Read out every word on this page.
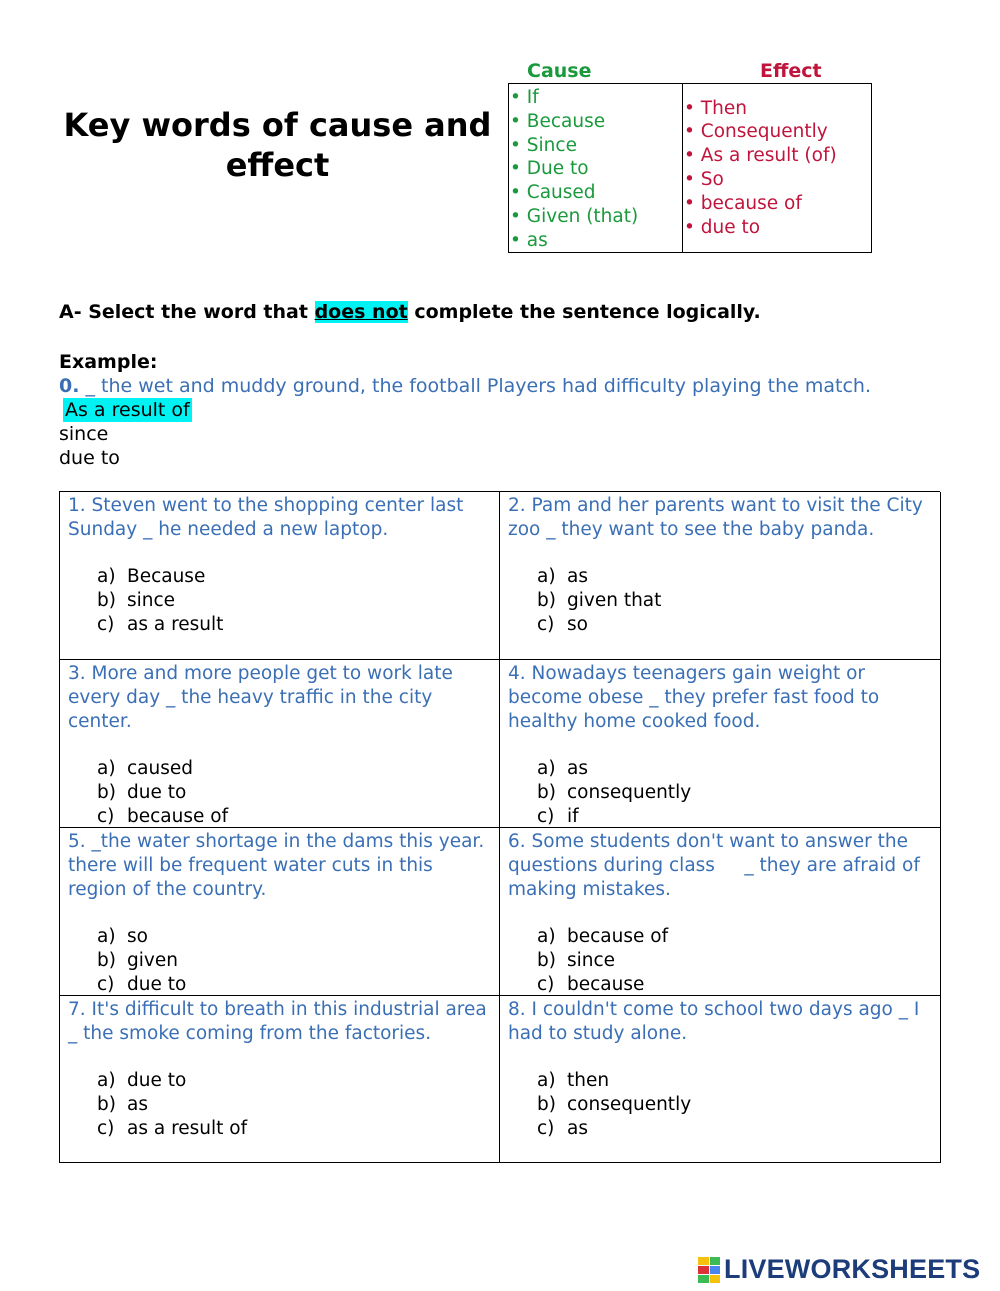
Key words of cause and effect
Cause	Effect
• If
• Because
• Since
• Due to
• Caused
• Given (that)
• as
• Then
• Consequently
• As a result (of)
• So
• because of
• due to
A- Select the word that does not complete the sentence logically.
Example:
0. _ the wet and muddy ground, the football Players had difficulty playing the match.
As a result of
since
due to
1. Steven went to the shopping center last Sunday _ he needed a new laptop.
a) Because
b) since
c) as a result
2. Pam and her parents want to visit the City zoo _ they want to see the baby panda.
a) as
b) given that
c) so
3. More and more people get to work late every day _ the heavy traffic in the city center.
a) caused
b) due to
c) because of
4. Nowadays teenagers gain weight or become obese _ they prefer fast food to healthy home cooked food.
a) as
b) consequently
c) if
5. _the water shortage in the dams this year. there will be frequent water cuts in this region of the country.
a) so
b) given
c) due to
6. Some students don't want to answer the questions during class     _ they are afraid of making mistakes.
a) because of
b) since
c) because
7. It's difficult to breath in this industrial area _ the smoke coming from the factories.
a) due to
b) as
c) as a result of
8. I couldn't come to school two days ago _ I had to study alone.
a) then
b) consequently
c) as
LIVEWORKSHEETS
